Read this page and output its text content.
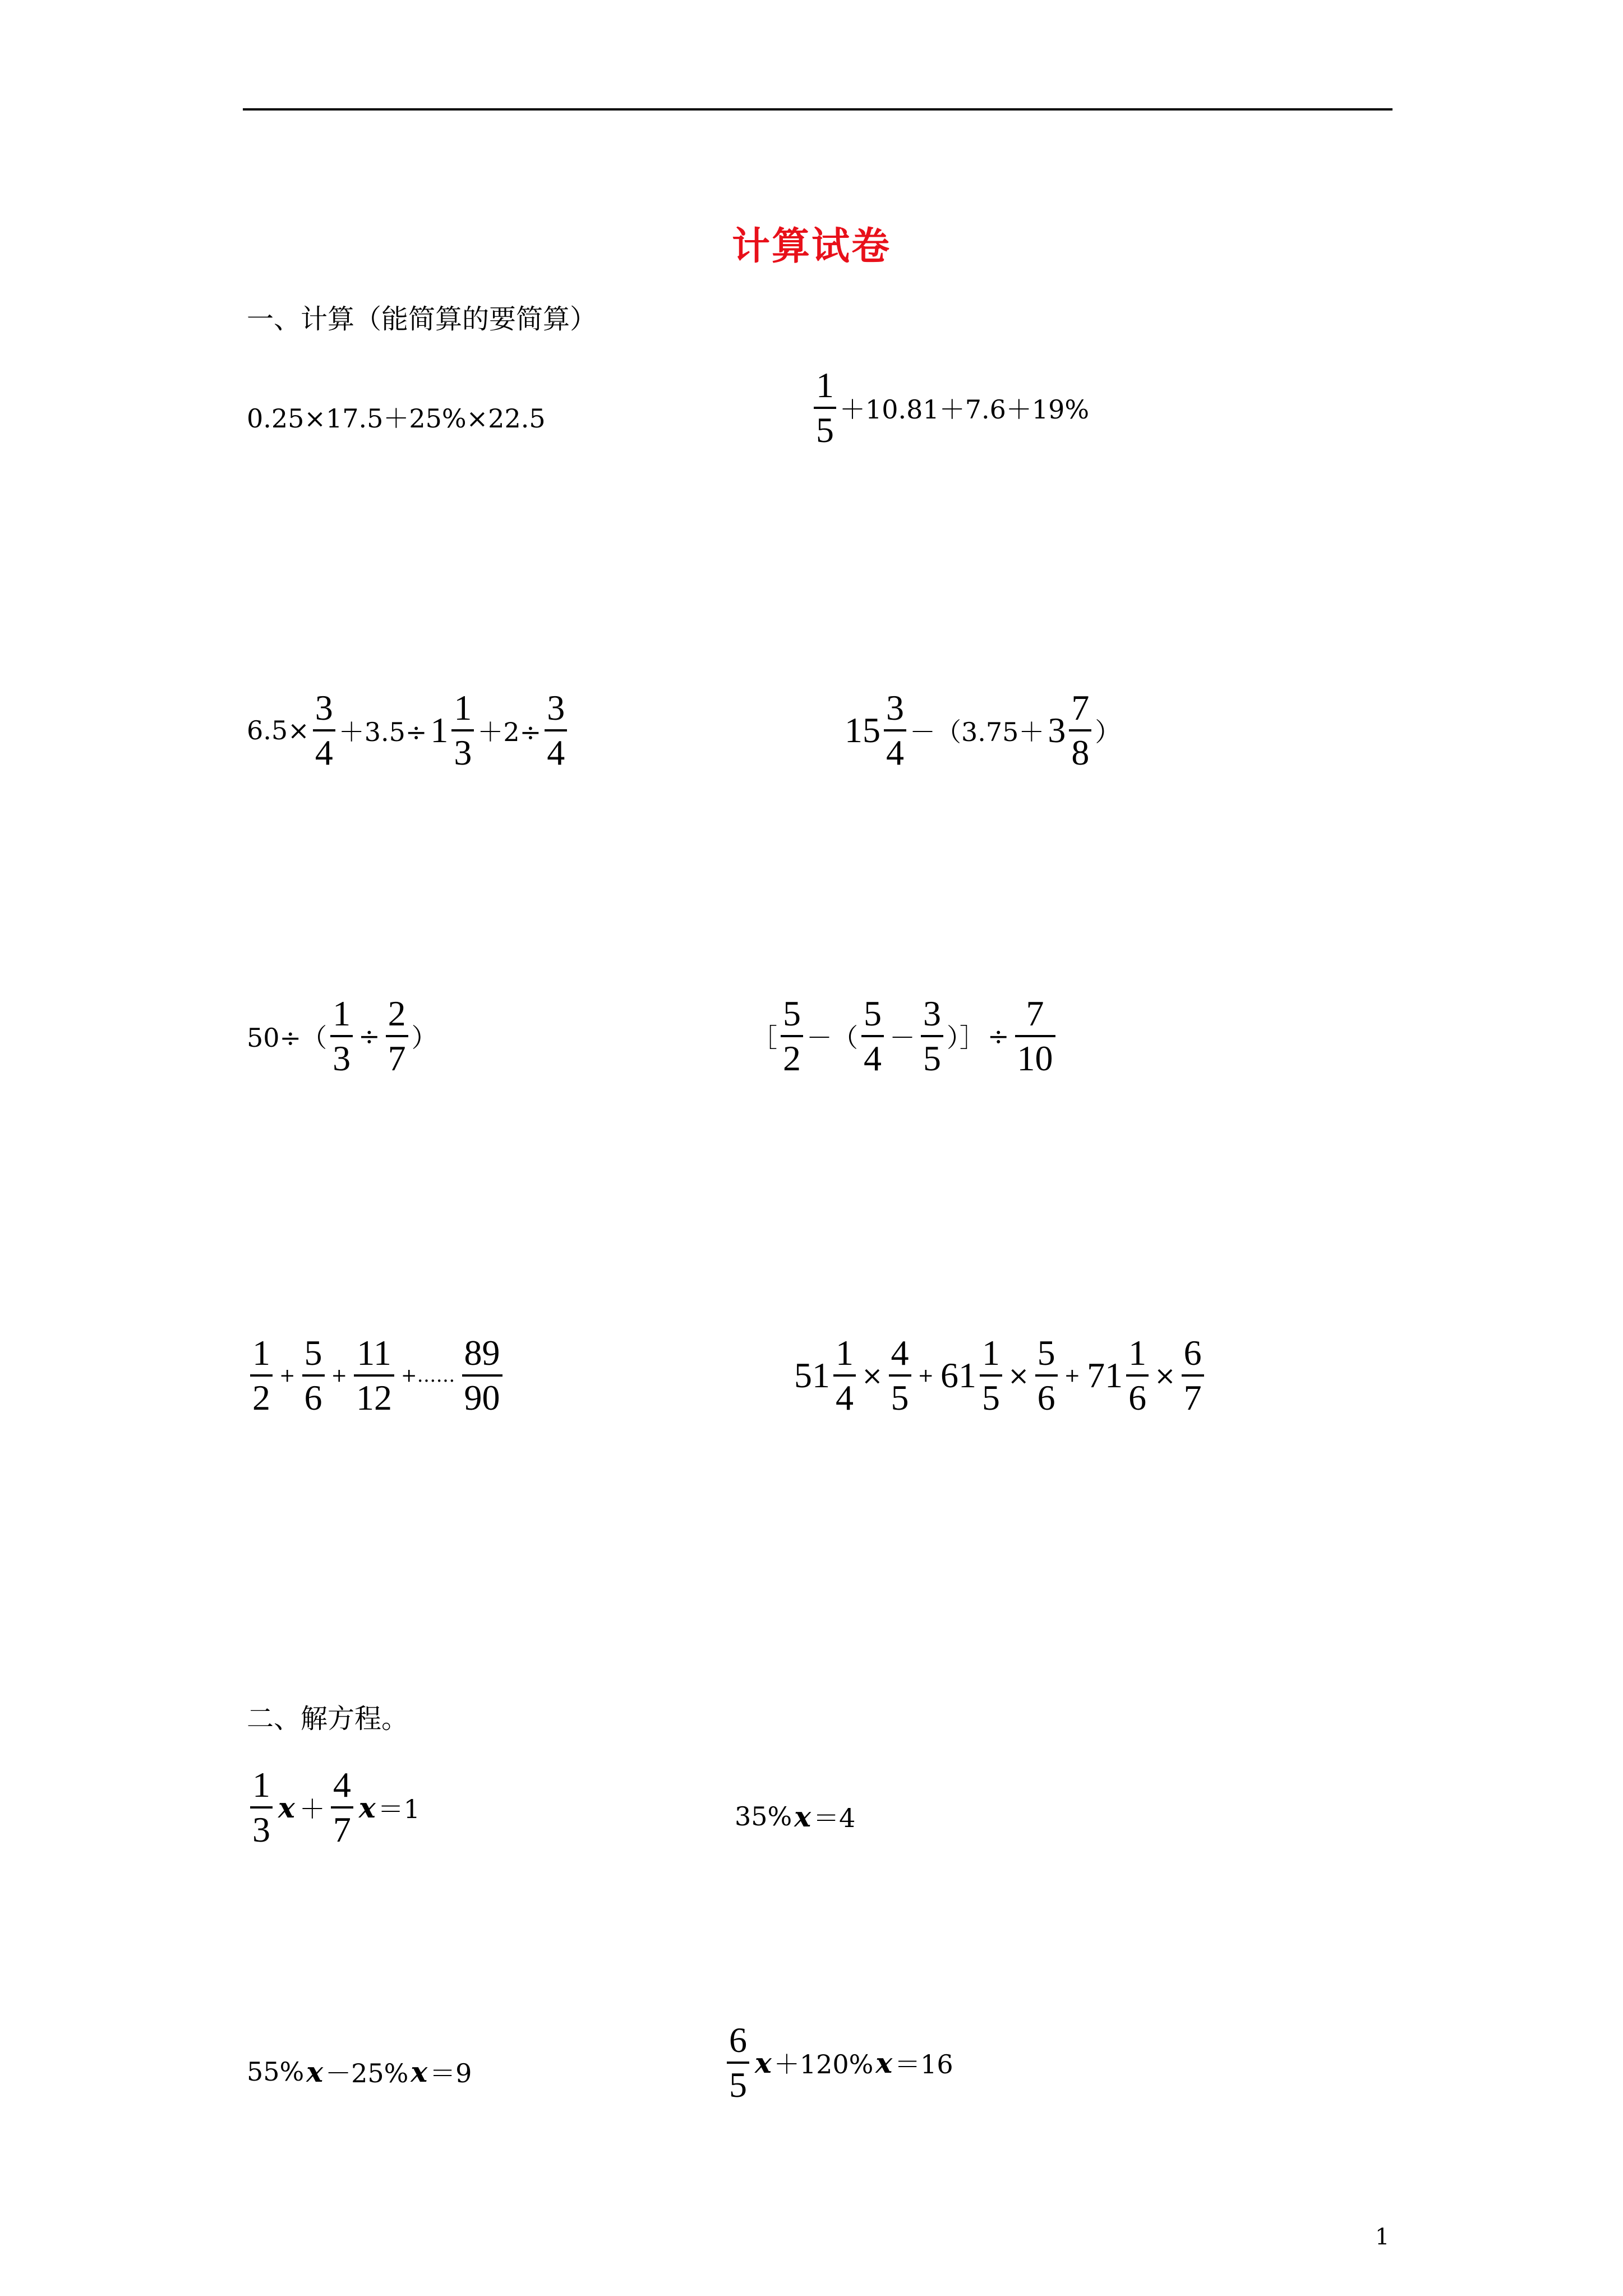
计算试卷
一、计算（能简算的要简算）
0.25×17.5＋25%×22.5	$\frac{1}{5} +10.81+7.6+19\%$
$6.5\times \frac{3}{4} +3.5\div 1 \frac{1}{3} +2\div \frac{3}{4}$	$15 \frac{3}{4} -(3.75+ 3 \frac{7}{8}$ ）
$50\div( \frac{1}{3} \div \frac{2}{7}$ ）	［ $\frac{5}{2}$ －（ $\frac{5}{4} - \frac{3}{5}$ ）］ ÷ $\frac{7}{10}$
$\frac{1}{2} + \frac{5}{6} + \frac{11}{12}$ +…… $\frac{89}{90}$	$51 \frac{1}{4} \times \frac{4}{5} + 61 \frac{1}{5} \times \frac{5}{6} + 71 \frac{1}{6} \times \frac{6}{7}$
二、解方程。
$\frac{1}{3}$ $x + \frac{4}{7}$ x ＝1	35% x ＝4
55% x －25% x ＝9	$\frac{6}{5}$ x ＋120% x ＝16
1
